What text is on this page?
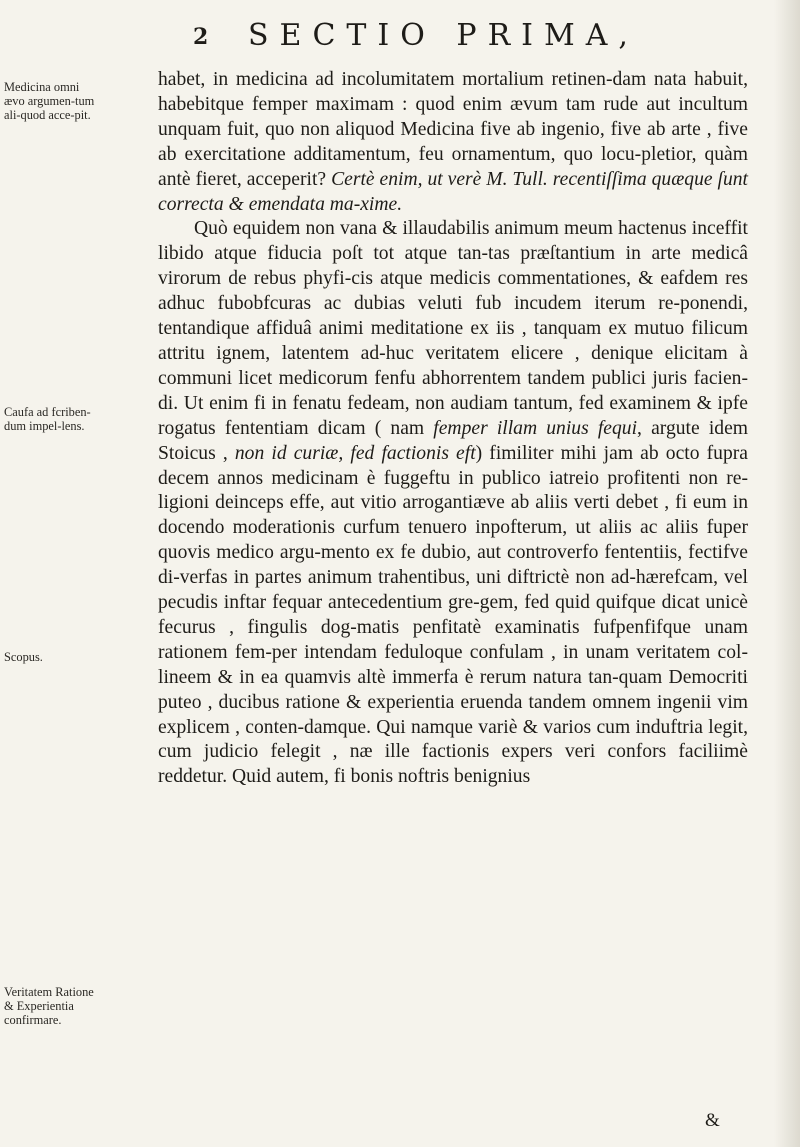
2 SECTIO PRIMA,
Medicina omni ævo argumen-tum ali-quod acce-pit.
Caufa ad fcriben-dum impel-lens.
Scopus.
Veritatem Ratione & Experientia confirmare.

habet, in medicina ad incolumitatem mortalium retinen-dam nata habuit, habebitque femper maximam : quod enim ævum tam rude aut incultum unquam fuit, quo non aliquod Medicina five ab ingenio, five ab arte , five ab exercitatione additamentum, feu ornamentum, quo locu-pletior, quàm antè fieret, acceperit? Certè enim, ut verè M. Tull. recentiſſima quæque ſunt correcta & emendata ma-xime.

Quò equidem non vana & illaudabilis animum meum hactenus inceffit libido atque fiducia poſt tot atque tan-tas præſtantium in arte medicâ virorum de rebus phyfi-cis atque medicis commentationes, & eafdem res adhuc fubobfcuras ac dubias veluti fub incudem iterum re-ponendi, tentandique affiduâ animi meditatione ex iis , tanquam ex mutuo filicum attritu ignem, latentem ad-huc veritatem elicere , denique elicitam à communi licet medicorum fenfu abhorrentem tandem publici juris facien-di. Ut enim fi in fenatu fedeam, non audiam tantum, fed examinem & ipfe rogatus fententiam dicam ( nam femper illam unius fequi, argute idem Stoicus , non id curiæ, fed factionis eft) fimiliter mihi jam ab octo fupra decem annos medicinam è fuggeftu in publico iatreio profitenti non re-ligioni deinceps effe, aut vitio arrogantiæve ab aliis verti debet , fi eum in docendo moderationis curfum tenuero inpofterum, ut aliis ac aliis fuper quovis medico argu-mento ex fe dubio, aut controverfo fententiis, fectifve di-verfas in partes animum trahentibus, uni diftrictè non ad-hærefcam, vel pecudis inftar fequar antecedentium gre-gem, fed quid quifque dicat unicè fecurus , fingulis dog-matis penfitatè examinatis fufpenfifque unam rationem fem-per intendam feduloque confulam , in unam veritatem col-lineem & in ea quamvis altè immerfa è rerum natura tan-quam Democriti puteo , ducibus ratione & experientia eruenda tandem omnem ingenii vim explicem , conten-damque. Qui namque variè & varios cum induftria legit, cum judicio felegit , næ ille factionis expers veri confors faciliimè reddetur. Quid autem, fi bonis noftris benignius

&
